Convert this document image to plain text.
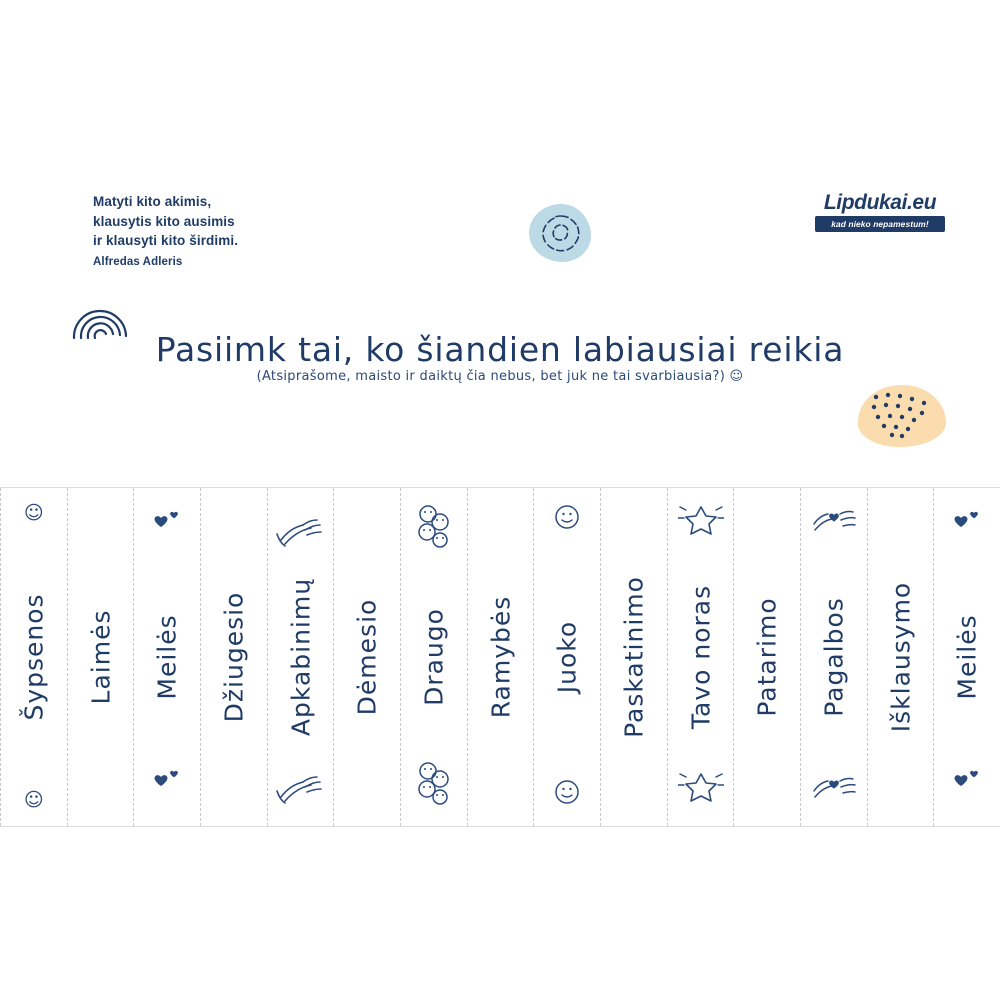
Matyti kito akimis,
klausytis kito ausimis
ir klausyti kito širdimi.
Alfredas Adleris
Lipdukai.eu
kad nieko nepamestum!
Pasiimk tai, ko šiandien labiausiai reikia
(Atsiprašome, maisto ir daiktų čia nebus, bet juk ne tai svarbiausia?) ☺
☺
Šypsenos
☺
Laimės Meilės Džiugesio Apkabinimų Dėmesio Draugo Ramybės Juoko Paskatinimo Tavo noras Patarimo Pagalbos Išklausymo Meilės
